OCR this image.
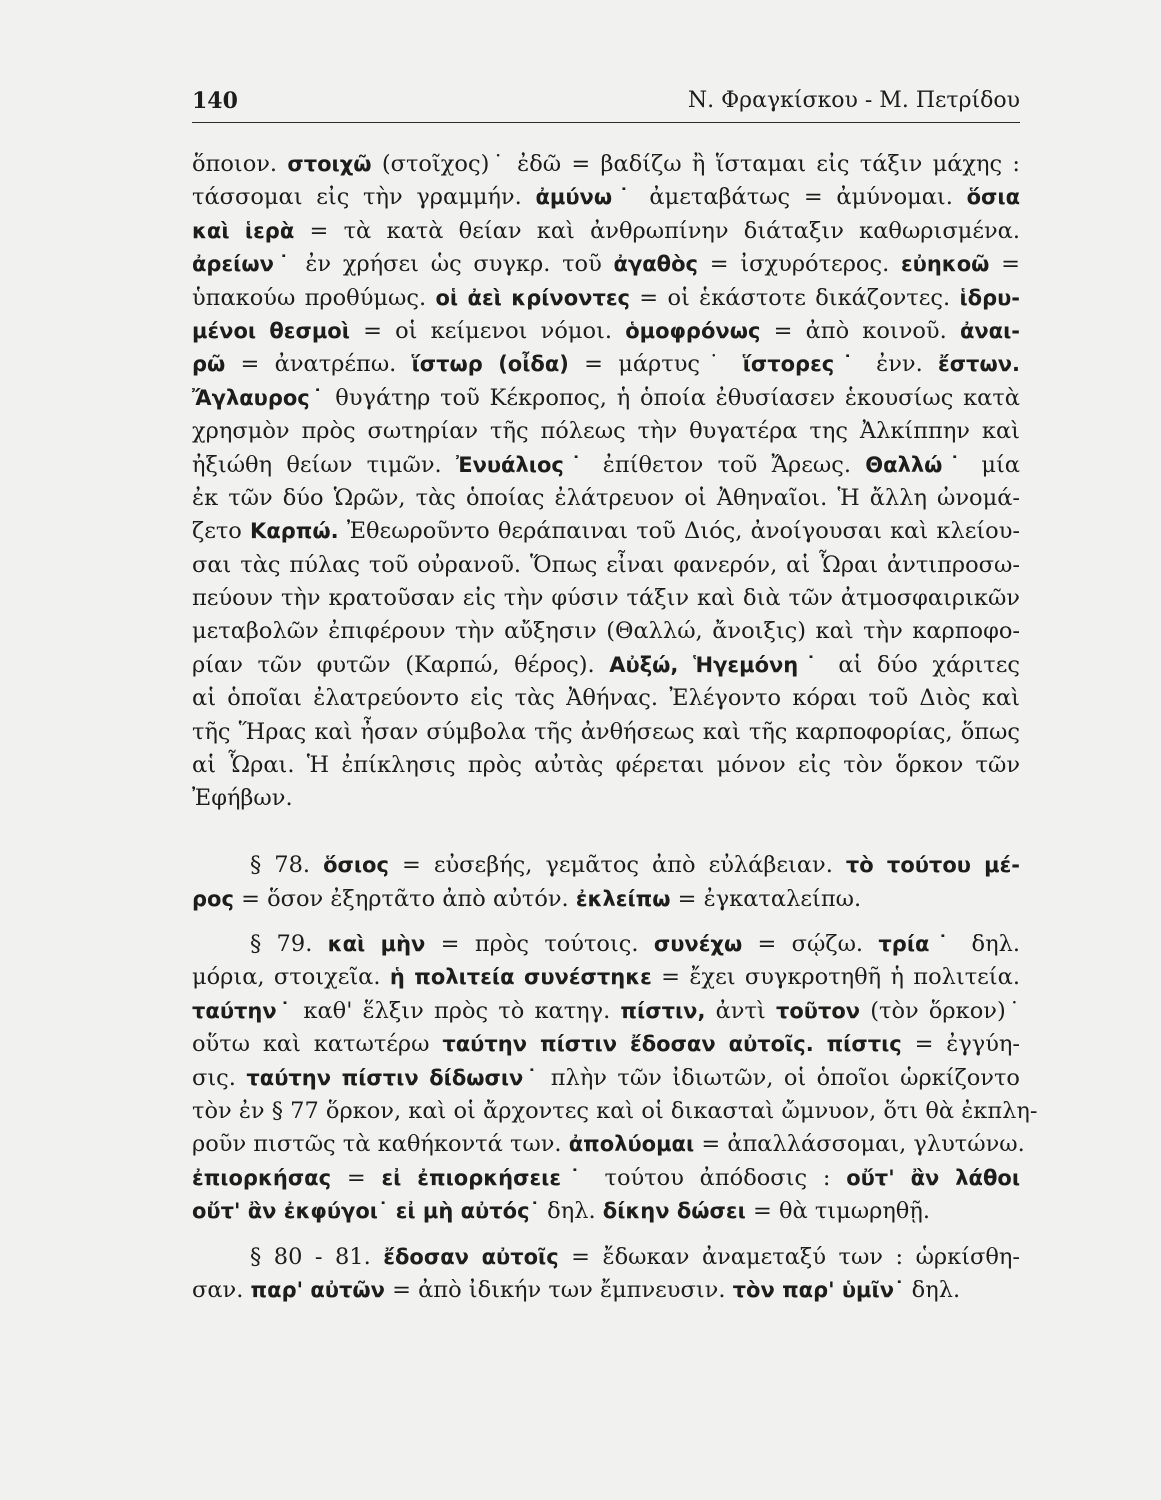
140	Ν. Φραγκίσκου - Μ. Πετρίδου
ὅποιον. στοιχῶ (στοῖχος)˙ ἐδῶ = βαδίζω ἢ ἵσταμαι εἰς τάξιν μάχης :
τάσσομαι εἰς τὴν γραμμήν. ἀμύνω˙ ἀμεταβάτως = ἀμύνομαι. ὅσια
καὶ ἱερὰ = τὰ κατὰ θείαν καὶ ἀνθρωπίνην διάταξιν καθωρισμένα.
ἀρείων˙ ἐν χρήσει ὡς συγκρ. τοῦ ἀγαθὸς = ἰσχυρότερος. εὐηκοῶ =
ὑπακούω προθύμως. οἱ ἀεὶ κρίνοντες = οἱ ἑκάστοτε δικάζοντες. ἱδρυ-
μένοι θεσμοὶ = οἱ κείμενοι νόμοι. ὁμοφρόνως = ἀπὸ κοινοῦ. ἀναι-
ρῶ = ἀνατρέπω. ἵστωρ (οἶδα) = μάρτυς˙ ἵστορες˙ ἐνν. ἔστων.
Ἄγλαυρος˙ θυγάτηρ τοῦ Κέκροπος, ἡ ὁποία ἐθυσίασεν ἑκουσίως κατὰ
χρησμὸν πρὸς σωτηρίαν τῆς πόλεως τὴν θυγατέρα της Ἀλκίππην καὶ
ἠξιώθη θείων τιμῶν. Ἐνυάλιος˙ ἐπίθετον τοῦ Ἄρεως. Θαλλώ˙ μία
ἐκ τῶν δύο Ὡρῶν, τὰς ὁποίας ἐλάτρευον οἱ Ἀθηναῖοι. Ἡ ἄλλη ὠνομά-
ζετο Καρπώ. Ἐθεωροῦντο θεράπαιναι τοῦ Διός, ἀνοίγουσαι καὶ κλείου-
σαι τὰς πύλας τοῦ οὐρανοῦ. Ὅπως εἶναι φανερόν, αἱ Ὧραι ἀντιπροσω-
πεύουν τὴν κρατοῦσαν εἰς τὴν φύσιν τάξιν καὶ διὰ τῶν ἀτμοσφαιρικῶν
μεταβολῶν ἐπιφέρουν τὴν αὔξησιν (Θαλλώ, ἄνοιξις) καὶ τὴν καρποφο-
ρίαν τῶν φυτῶν (Καρπώ, θέρος). Αὐξώ, Ἡγεμόνη˙ αἱ δύο χάριτες
αἱ ὁποῖαι ἐλατρεύοντο εἰς τὰς Ἀθήνας. Ἐλέγοντο κόραι τοῦ Διὸς καὶ
τῆς Ἥρας καὶ ἦσαν σύμβολα τῆς ἀνθήσεως καὶ τῆς καρποφορίας, ὅπως
αἱ Ὧραι. Ἡ ἐπίκλησις πρὸς αὐτὰς φέρεται μόνον εἰς τὸν ὅρκον τῶν
Ἐφήβων.
§ 78. ὅσιος = εὐσεβής, γεμᾶτος ἀπὸ εὐλάβειαν. τὸ τούτου μέ-
ρος = ὅσον ἐξηρτᾶτο ἀπὸ αὐτόν. ἐκλείπω = ἐγκαταλείπω.
§ 79. καὶ μὴν = πρὸς τούτοις. συνέχω = σῴζω. τρία˙ δηλ.
μόρια, στοιχεῖα. ἡ πολιτεία συνέστηκε = ἔχει συγκροτηθῆ ἡ πολιτεία.
ταύτην˙ καθ' ἕλξιν πρὸς τὸ κατηγ. πίστιν, ἀντὶ τοῦτον (τὸν ὅρκον)˙
οὕτω καὶ κατωτέρω ταύτην πίστιν ἔδοσαν αὐτοῖς. πίστις = ἐγγύη-
σις. ταύτην πίστιν δίδωσιν˙ πλὴν τῶν ἰδιωτῶν, οἱ ὁποῖοι ὡρκίζοντο
τὸν ἐν § 77 ὅρκον, καὶ οἱ ἄρχοντες καὶ οἱ δικασταὶ ὤμνυον, ὅτι θὰ ἐκπλη-
ροῦν πιστῶς τὰ καθήκοντά των. ἀπολύομαι = ἀπαλλάσσομαι, γλυτώνω.
ἐπιορκήσας = εἰ ἐπιορκήσειε˙ τούτου ἀπόδοσις : οὔτ' ἂν λάθοι
οὔτ' ἂν ἐκφύγοι˙ εἰ μὴ αὐτός˙ δηλ. δίκην δώσει = θὰ τιμωρηθῇ.
§ 80 - 81. ἔδοσαν αὐτοῖς = ἔδωκαν ἀναμεταξύ των : ὡρκίσθη-
σαν. παρ' αὐτῶν = ἀπὸ ἰδικήν των ἔμπνευσιν. τὸν παρ' ὑμῖν˙ δηλ.
